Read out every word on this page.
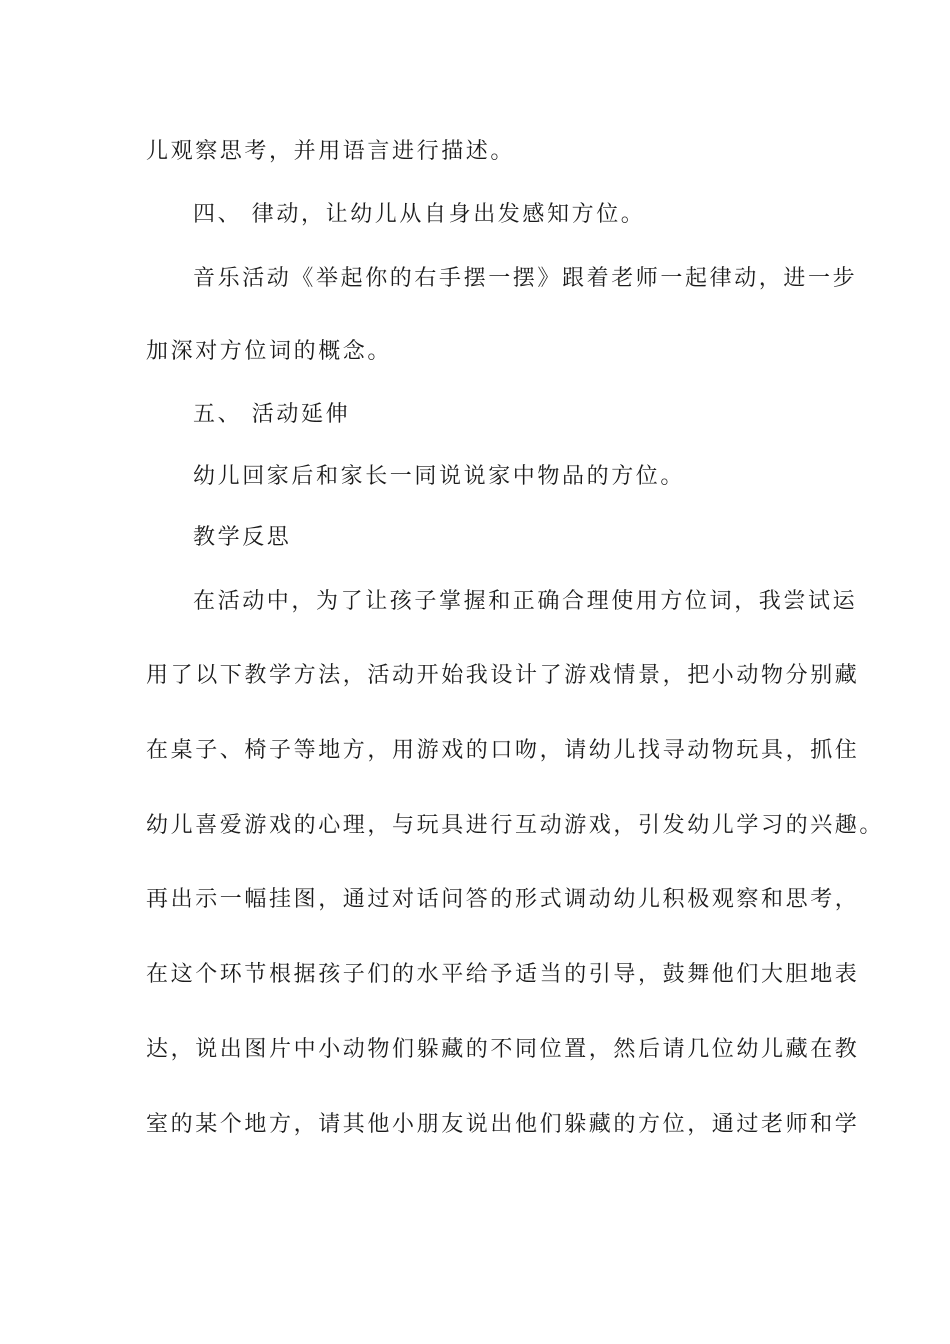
儿观察思考，并用语言进行描述。
四、 律动，让幼儿从自身出发感知方位。
音乐活动《举起你的右手摆一摆》跟着老师一起律动，进一步
加深对方位词的概念。
五、 活动延伸
幼儿回家后和家长一同说说家中物品的方位。
教学反思
在活动中，为了让孩子掌握和正确合理使用方位词，我尝试运
用了以下教学方法，活动开始我设计了游戏情景，把小动物分别藏
在桌子、椅子等地方，用游戏的口吻，请幼儿找寻动物玩具，抓住
幼儿喜爱游戏的心理，与玩具进行互动游戏，引发幼儿学习的兴趣。
再出示一幅挂图，通过对话问答的形式调动幼儿积极观察和思考，
在这个环节根据孩子们的水平给予适当的引导，鼓舞他们大胆地表
达，说出图片中小动物们躲藏的不同位置，然后请几位幼儿藏在教
室的某个地方，请其他小朋友说出他们躲藏的方位，通过老师和学
